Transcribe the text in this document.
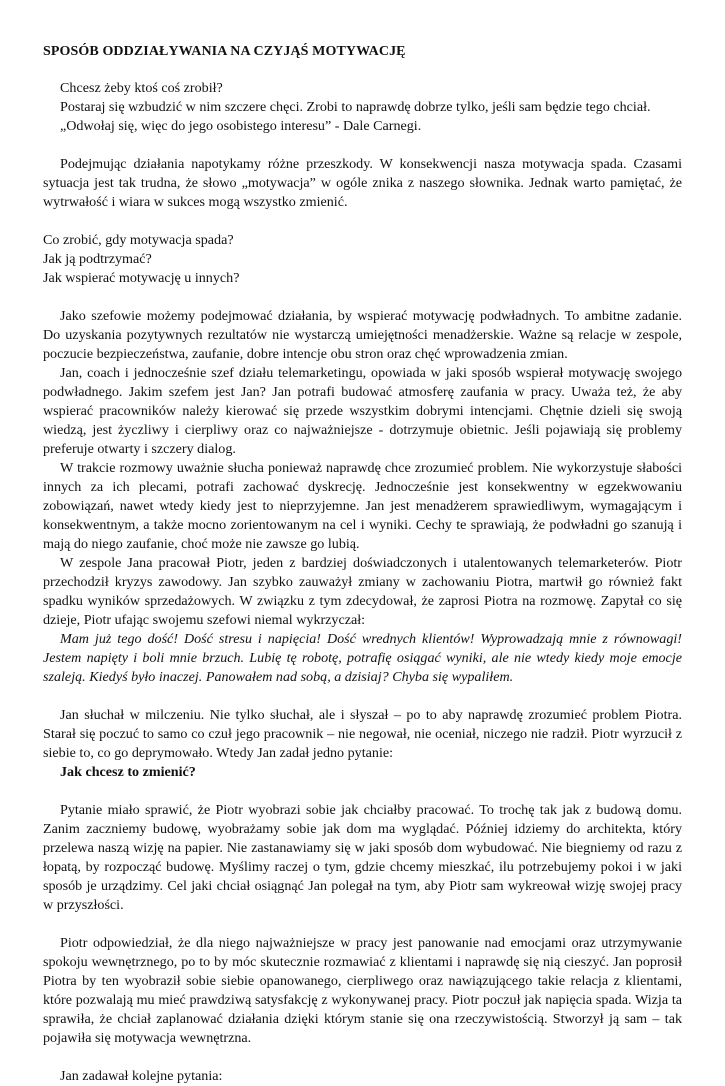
SPOSÓB ODDZIAŁYWANIA NA CZYJĄŚ MOTYWACJĘ

Chcesz żeby ktoś coś zrobił?

Postaraj się wzbudzić w nim szczere chęci. Zrobi to naprawdę dobrze tylko, jeśli sam będzie tego chciał.

„Odwołaj się, więc do jego osobistego interesu” - Dale Carnegi.

Podejmując działania napotykamy różne przeszkody. W konsekwencji nasza motywacja spada. Czasami sytuacja jest tak trudna, że słowo „motywacja” w ogóle znika z naszego słownika. Jednak warto pamiętać, że wytrwałość i wiara w sukces mogą wszystko zmienić.

Co zrobić, gdy motywacja spada?

Jak ją podtrzymać?

Jak wspierać motywację u innych?

Jako szefowie możemy podejmować działania, by wspierać motywację podwładnych. To ambitne zadanie. Do uzyskania pozytywnych rezultatów nie wystarczą umiejętności menadżerskie. Ważne są relacje w zespole, poczucie bezpieczeństwa, zaufanie, dobre intencje obu stron oraz chęć wprowadzenia zmian.

Jan, coach i jednocześnie szef działu telemarketingu, opowiada w jaki sposób wspierał motywację swojego podwładnego. Jakim szefem jest Jan? Jan potrafi budować atmosferę zaufania w pracy. Uważa też, że aby wspierać pracowników należy kierować się przede wszystkim dobrymi intencjami. Chętnie dzieli się swoją wiedzą, jest życzliwy i cierpliwy oraz co najważniejsze - dotrzymuje obietnic. Jeśli pojawiają się problemy preferuje otwarty i szczery dialog.

W trakcie rozmowy uważnie słucha ponieważ naprawdę chce zrozumieć problem. Nie wykorzystuje słabości innych za ich plecami, potrafi zachować dyskrecję. Jednocześnie jest konsekwentny w egzekwowaniu zobowiązań, nawet wtedy kiedy jest to nieprzyjemne. Jan jest menadżerem sprawiedliwym, wymagającym i konsekwentnym, a także mocno zorientowanym na cel i wyniki. Cechy te sprawiają, że podwładni go szanują i mają do niego zaufanie, choć może nie zawsze go lubią.

W zespole Jana pracował Piotr, jeden z bardziej doświadczonych i utalentowanych telemarketerów. Piotr przechodził kryzys zawodowy. Jan szybko zauważył zmiany w zachowaniu Piotra, martwił go również fakt spadku wyników sprzedażowych. W związku z tym zdecydował, że zaprosi Piotra na rozmowę. Zapytał co się dzieje, Piotr ufając swojemu szefowi niemal wykrzyczał:

Mam już tego dość! Dość stresu i napięcia! Dość wrednych klientów! Wyprowadzają mnie z równowagi! Jestem napięty i boli mnie brzuch. Lubię tę robotę, potrafię osiągać wyniki, ale nie wtedy kiedy moje emocje szaleją. Kiedyś było inaczej. Panowałem nad sobą, a dzisiaj? Chyba się wypaliłem.

Jan słuchał w milczeniu. Nie tylko słuchał, ale i słyszał – po to aby naprawdę zrozumieć problem Piotra. Starał się poczuć to samo co czuł jego pracownik – nie negował, nie oceniał, niczego nie radził. Piotr wyrzucił z siebie to, co go deprymowało. Wtedy Jan zadał jedno pytanie:

Jak chcesz to zmienić?

Pytanie miało sprawić, że Piotr wyobrazi sobie jak chciałby pracować. To trochę tak jak z budową domu. Zanim zaczniemy budowę, wyobrażamy sobie jak dom ma wyglądać. Później idziemy do architekta, który przelewa naszą wizję na papier. Nie zastanawiamy się w jaki sposób dom wybudować. Nie biegniemy od razu z łopatą, by rozpocząć budowę. Myślimy raczej o tym, gdzie chcemy mieszkać, ilu potrzebujemy pokoi i w jaki sposób je urządzimy. Cel jaki chciał osiągnąć Jan polegał na tym, aby Piotr sam wykreował wizję swojej pracy w przyszłości.

Piotr odpowiedział, że dla niego najważniejsze w pracy jest panowanie nad emocjami oraz utrzymywanie spokoju wewnętrznego, po to by móc skutecznie rozmawiać z klientami i naprawdę się nią cieszyć. Jan poprosił Piotra by ten wyobraził sobie siebie opanowanego, cierpliwego oraz nawiązującego takie relacja z klientami, które pozwalają mu mieć prawdziwą satysfakcję z wykonywanej pracy. Piotr poczuł jak napięcia spada. Wizja ta sprawiła, że chciał zaplanować działania dzięki którym stanie się ona rzeczywistością. Stworzył ją sam – tak pojawiła się motywacja wewnętrzna.

Jan zadawał kolejne pytania:
